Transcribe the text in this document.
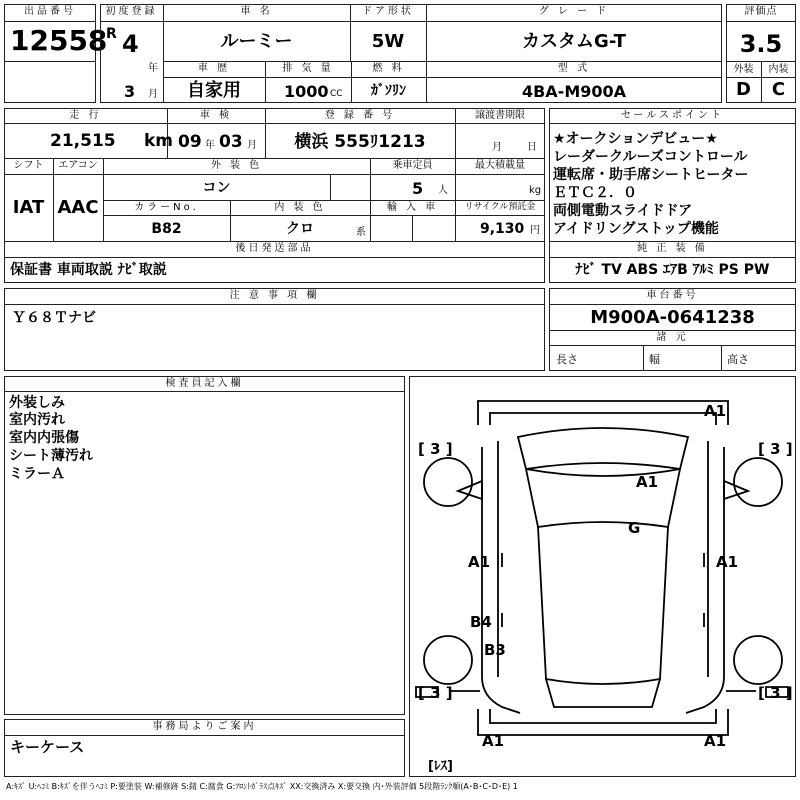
出品番号
12558
初度登録
R 4
年
3 月
車 名
ルーミー
ドア形状
5W
グ レ ー ド
カスタムG-T
車 歴
自家用
排 気 量
1000 CC
燃 料
ｶﾞｿﾘﾝ
型 式
4BA-M900A
評価点
3.5
外装	内装
D	C
走 行
21,515 km
車 検
09 年 03 月
登 録 番 号
横浜 555ﾘ1213
譲渡書期限
月	日
シフト
IAT
エアコン
AAC
外 装 色
コン
乗車定員
5 人
最大積載量
kg
カラーNo.
B82
内 装 色
クロ	系
輸 入 車	リサイクル預託金
9,130 円
後日発送部品
保証書 車両取説 ﾅﾋﾞ取説
セールスポイント
★オークションデビュー★
レーダークルーズコントロール
運転席・助手席シートヒーター
ＥＴＣ２．０
両側電動スライドドア
アイドリングストップ機能
純 正 装 備
ﾅﾋﾞ TV ABS ｴｱB ｱﾙﾐ PS PW
注 意 事 項 欄
Ｙ６８Ｔナビ
車台番号
M900A-0641238
諸 元
長さ	幅	高さ
検査員記入欄
外装しみ
室内汚れ
室内内張傷
シート薄汚れ
ミラーＡ
事務局よりご案内
キーケース
[ 3 ]	[ 3 ]
[ 3 ]	[ 3 ]
[ﾚｽ]
A1
A1
G
A1	A1
B4
B3
A1	A1
A:ｷｽﾞ U:ﾍｺﾐ B:ｷｽﾞを伴うﾍｺﾐ P:要塗装 W:補修跡 S:錆 C:腐食 G:ﾌﾛﾝﾄｶﾞﾗｽ点ｷｽﾞ XX:交換済み X:要交換 内･外装評価 5段階ﾗﾝｸ順(A･B･C･D･E) 1
